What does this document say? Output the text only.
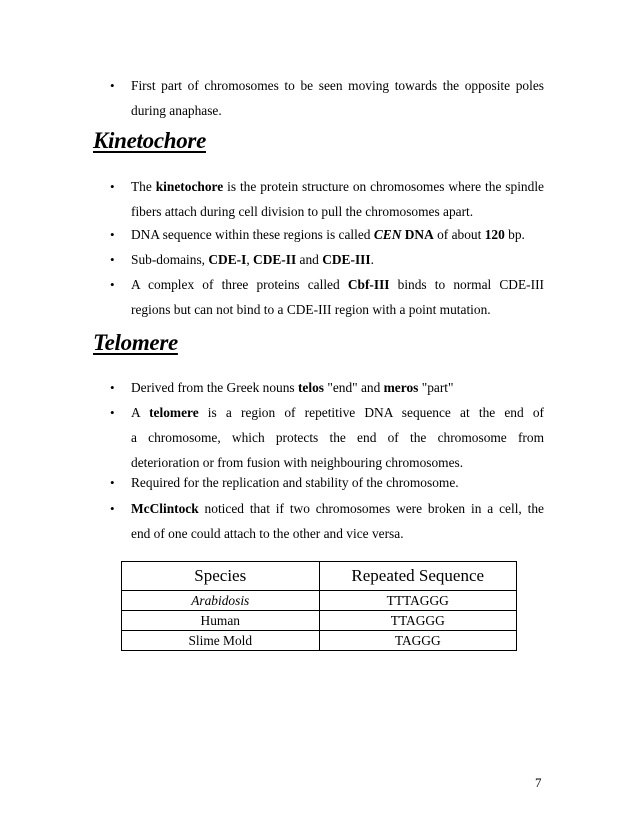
• First part of chromosomes to be seen moving towards the opposite poles
during anaphase.
Kinetochore
• The kinetochore is the protein structure on chromosomes where the spindle
fibers attach during cell division to pull the chromosomes apart.
• DNA sequence within these regions is called CEN DNA of about 120 bp.
• Sub-domains, CDE-I, CDE-II and CDE-III.
• A complex of three proteins called Cbf-III binds to normal CDE-III
regions but can not bind to a CDE-III region with a point mutation.
Telomere
• Derived from the Greek nouns telos "end" and meros "part"
• A telomere is a region of repetitive DNA sequence at the end of
a chromosome, which protects the end of the chromosome from
deterioration or from fusion with neighbouring chromosomes.
• Required for the replication and stability of the chromosome.
• McClintock noticed that if two chromosomes were broken in a cell, the
end of one could attach to the other and vice versa.
Species	Repeated Sequence
Arabidosis	TTTAGGG
Human	TTAGGG
Slime Mold	TAGGG
7
